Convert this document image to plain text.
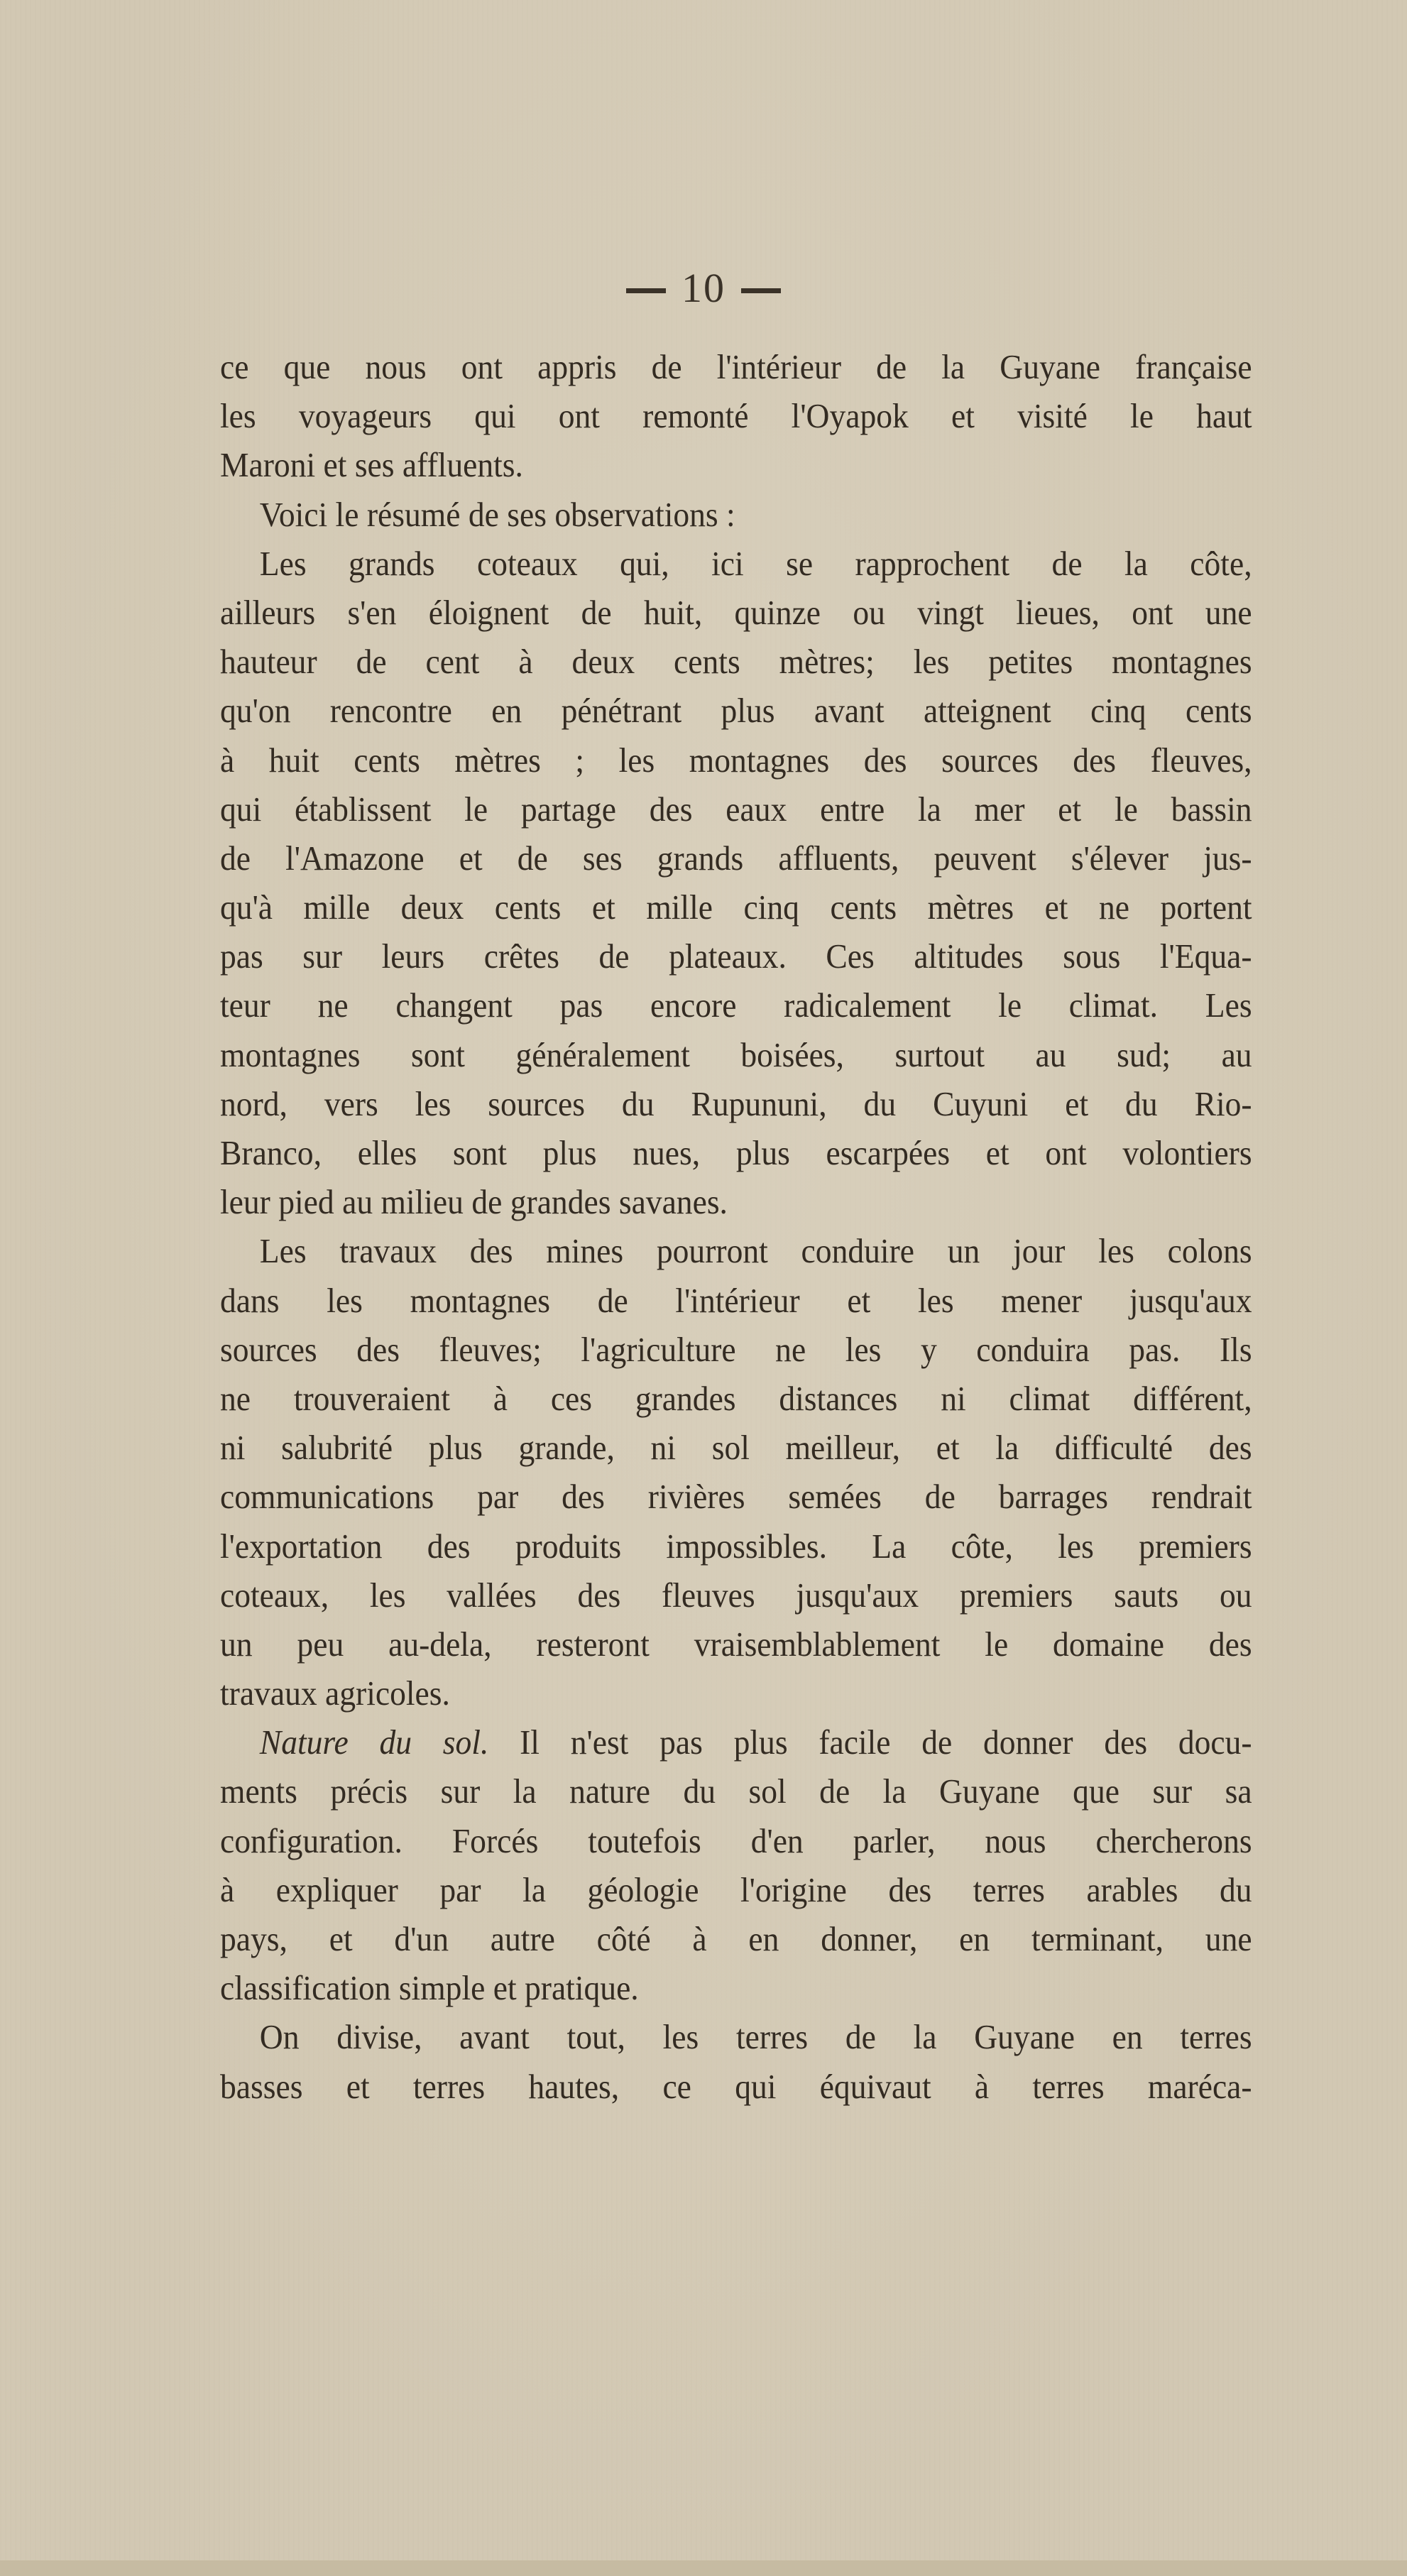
10
ce que nous ont appris de l'intérieur de la Guyane française
les voyageurs qui ont remonté l'Oyapok et visité le haut
Maroni et ses affluents.
Voici le résumé de ses observations :
Les grands coteaux qui, ici se rapprochent de la côte,
ailleurs s'en éloignent de huit, quinze ou vingt lieues, ont une
hauteur de cent à deux cents mètres; les petites montagnes
qu'on rencontre en pénétrant plus avant atteignent cinq cents
à huit cents mètres ; les montagnes des sources des fleuves,
qui établissent le partage des eaux entre la mer et le bassin
de l'Amazone et de ses grands affluents, peuvent s'élever jus-
qu'à mille deux cents et mille cinq cents mètres et ne portent
pas sur leurs crêtes de plateaux. Ces altitudes sous l'Equa-
teur ne changent pas encore radicalement le climat. Les
montagnes sont généralement boisées, surtout au sud; au
nord, vers les sources du Rupununi, du Cuyuni et du Rio-
Branco, elles sont plus nues, plus escarpées et ont volontiers
leur pied au milieu de grandes savanes.
Les travaux des mines pourront conduire un jour les colons
dans les montagnes de l'intérieur et les mener jusqu'aux
sources des fleuves; l'agriculture ne les y conduira pas. Ils
ne trouveraient à ces grandes distances ni climat différent,
ni salubrité plus grande, ni sol meilleur, et la difficulté des
communications par des rivières semées de barrages rendrait
l'exportation des produits impossibles. La côte, les premiers
coteaux, les vallées des fleuves jusqu'aux premiers sauts ou
un peu au-dela, resteront vraisemblablement le domaine des
travaux agricoles.
Nature du sol. Il n'est pas plus facile de donner des docu-
ments précis sur la nature du sol de la Guyane que sur sa
configuration. Forcés toutefois d'en parler, nous chercherons
à expliquer par la géologie l'origine des terres arables du
pays, et d'un autre côté à en donner, en terminant, une
classification simple et pratique.
On divise, avant tout, les terres de la Guyane en terres
basses et terres hautes, ce qui équivaut à terres maréca-
